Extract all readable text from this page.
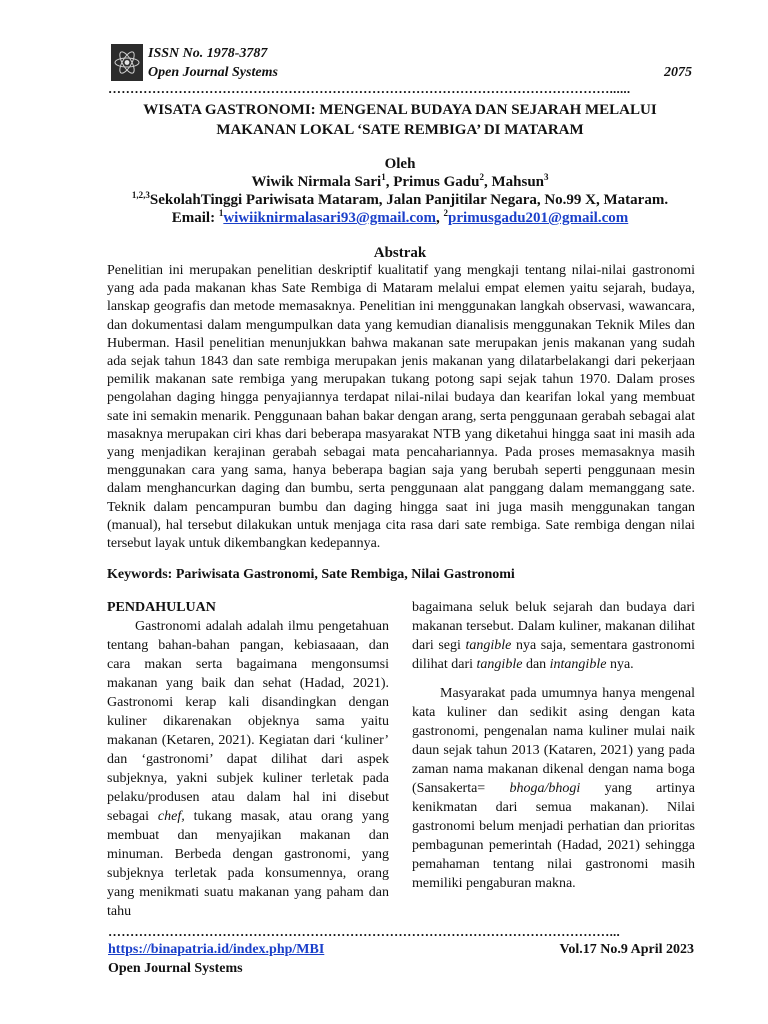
ISSN No. 1978-3787
Open Journal Systems	2075
……………………………………………………………………………………………………......
WISATA GASTRONOMI: MENGENAL BUDAYA DAN SEJARAH MELALUI
MAKANAN LOKAL ‘SATE REMBIGA’ DI MATARAM
Oleh
Wiwik Nirmala Sari$^1$, Primus Gadu$^2$, Mahsun$^3$
$^{1,2,3}$SekolahTinggi Pariwisata Mataram, Jalan Panjitilar Negara, No.99 X, Mataram.
Email: $^1$wiwiiknirmalasari93@gmail.com, $^2$primusgadu201@gmail.com
Abstrak
Penelitian ini merupakan penelitian deskriptif kualitatif yang mengkaji tentang nilai-nilai gastronomi yang ada pada makanan khas Sate Rembiga di Mataram melalui empat elemen yaitu sejarah, budaya, lanskap geografis dan metode memasaknya. Penelitian ini menggunakan langkah observasi, wawancara, dan dokumentasi dalam mengumpulkan data yang kemudian dianalisis menggunakan Teknik Miles dan Huberman. Hasil penelitian menunjukkan bahwa makanan sate merupakan jenis makanan yang sudah ada sejak tahun 1843 dan sate rembiga merupakan jenis makanan yang dilatarbelakangi dari pekerjaan pemilik makanan sate rembiga yang merupakan tukang potong sapi sejak tahun 1970. Dalam proses pengolahan daging hingga penyajiannya terdapat nilai-nilai budaya dan kearifan lokal yang membuat sate ini semakin menarik. Penggunaan bahan bakar dengan arang, serta penggunaan gerabah sebagai alat masaknya merupakan ciri khas dari beberapa masyarakat NTB yang diketahui hingga saat ini masih ada yang menjadikan kerajinan gerabah sebagai mata pencahariannya. Pada proses memasaknya masih menggunakan cara yang sama, hanya beberapa bagian saja yang berubah seperti penggunaan mesin dalam menghancurkan daging dan bumbu, serta penggunaan alat panggang dalam memanggang sate. Teknik dalam pencampuran bumbu dan daging hingga saat ini juga masih menggunakan tangan (manual), hal tersebut dilakukan untuk menjaga cita rasa dari sate rembiga. Sate rembiga dengan nilai tersebut layak untuk dikembangkan kedepannya.
Keywords: Pariwisata Gastronomi, Sate Rembiga, Nilai Gastronomi
PENDAHULUAN

Gastronomi adalah adalah ilmu pengetahuan tentang bahan-bahan pangan, kebiasaaan, dan cara makan serta bagaimana mengonsumsi makanan yang baik dan sehat (Hadad, 2021). Gastronomi kerap kali disandingkan dengan kuliner dikarenakan objeknya sama yaitu makanan (Ketaren, 2021). Kegiatan dari ‘kuliner’ dan ‘gastronomi’ dapat dilihat dari aspek subjeknya, yakni subjek kuliner terletak pada pelaku/produsen atau dalam hal ini disebut sebagai chef, tukang masak, atau orang yang membuat dan menyajikan makanan dan minuman. Berbeda dengan gastronomi, yang subjeknya terletak pada konsumennya, orang yang menikmati suatu makanan yang paham dan tahu

bagaimana seluk beluk sejarah dan budaya dari makanan tersebut. Dalam kuliner, makanan dilihat dari segi tangible nya saja, sementara gastronomi dilihat dari tangible dan intangible nya.

Masyarakat pada umumnya hanya mengenal kata kuliner dan sedikit asing dengan kata gastronomi, pengenalan nama kuliner mulai naik daun sejak tahun 2013 (Kataren, 2021) yang pada zaman nama makanan dikenal dengan nama boga (Sansakerta= bhoga/bhogi yang artinya kenikmatan dari semua makanan). Nilai gastronomi belum menjadi perhatian dan prioritas pembagunan pemerintah (Hadad, 2021) sehingga pemahaman tentang nilai gastronomi masih memiliki pengaburan makna.

……………………………………………………………………………………………………...
https://binapatria.id/index.php/MBI	Vol.17 No.9 April 2023
Open Journal Systems
